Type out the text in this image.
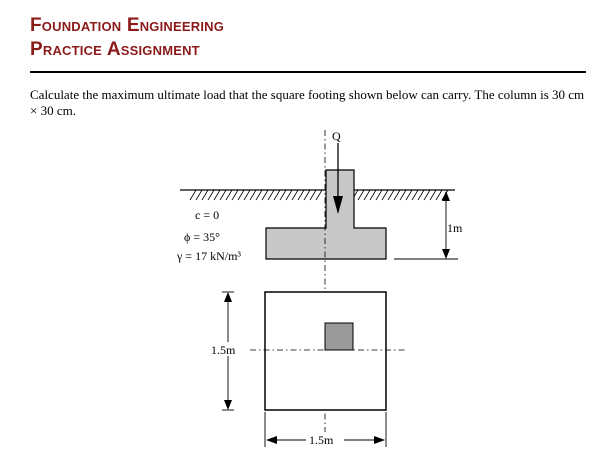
Foundation Engineering

Practice Assignment

Calculate the maximum ultimate load that the square footing shown below can carry. The column is 30 cm × 30 cm.

Q
c = 0
ϕ = 35°
γ = 17 kN/m³
1m
1.5m
1.5m
